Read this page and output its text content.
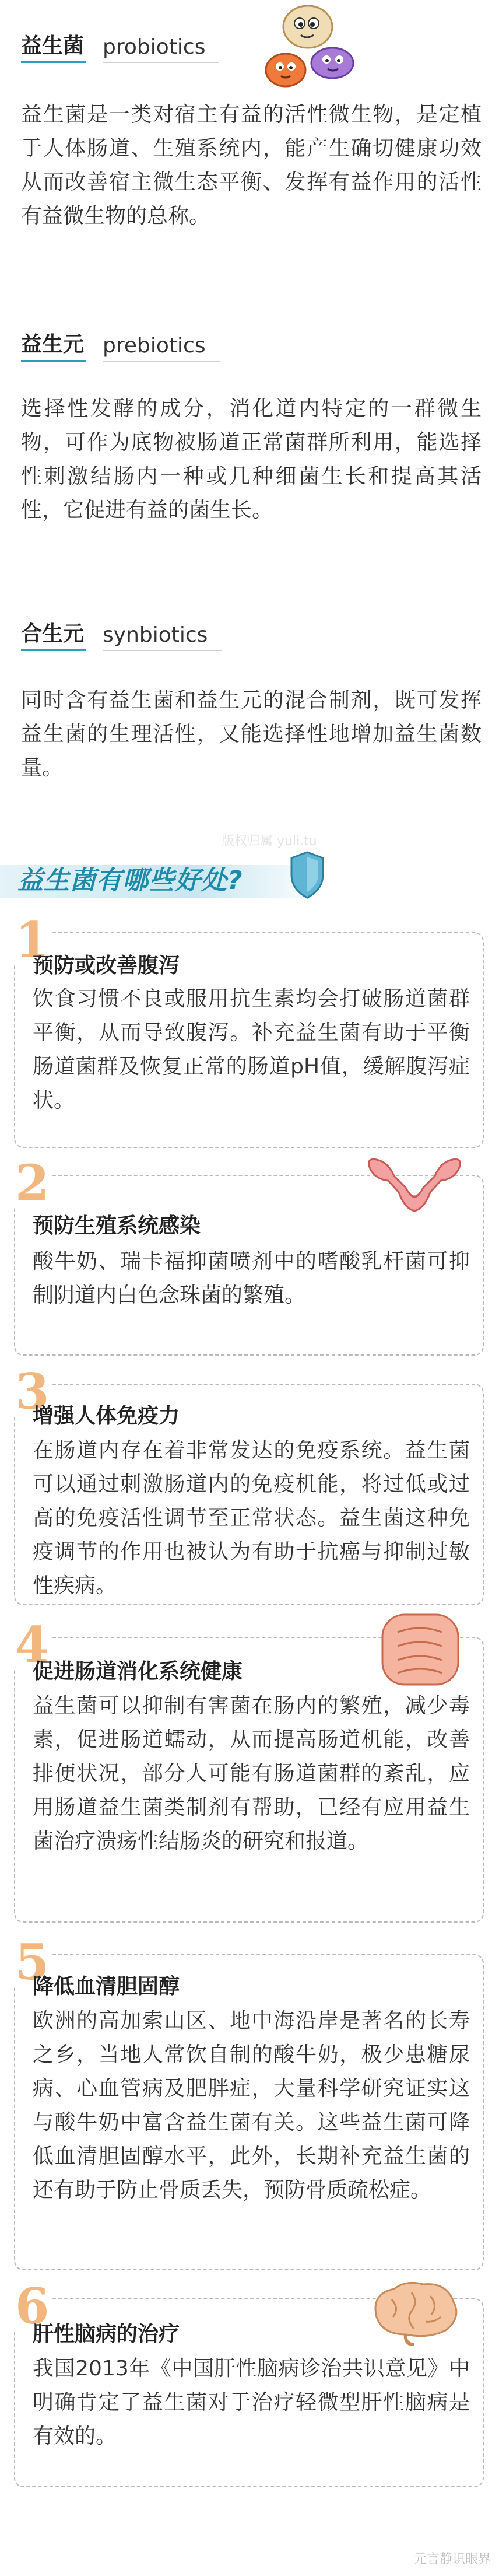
益生菌 probiotics

益生菌是一类对宿主有益的活性微生物，是定植于人体肠道、生殖系统内，能产生确切健康功效从而改善宿主微生态平衡、发挥有益作用的活性有益微生物的总称。

益生元 prebiotics

选择性发酵的成分，消化道内特定的一群微生物，可作为底物被肠道正常菌群所利用，能选择性刺激结肠内一种或几种细菌生长和提高其活性，它促进有益的菌生长。

合生元 synbiotics

同时含有益生菌和益生元的混合制剂，既可发挥益生菌的生理活性，又能选择性地增加益生菌数量。

版权归属 yuli.tu
益生菌有哪些好处?
1
预防或改善腹泻
饮食习惯不良或服用抗生素均会打破肠道菌群平衡，从而导致腹泻。补充益生菌有助于平衡肠道菌群及恢复正常的肠道pH值，缓解腹泻症状。
2
预防生殖系统感染
酸牛奶、瑞卡福抑菌喷剂中的嗜酸乳杆菌可抑制阴道内白色念珠菌的繁殖。
3
增强人体免疫力
在肠道内存在着非常发达的免疫系统。益生菌可以通过刺激肠道内的免疫机能，将过低或过高的免疫活性调节至正常状态。益生菌这种免疫调节的作用也被认为有助于抗癌与抑制过敏性疾病。
4
促进肠道消化系统健康
益生菌可以抑制有害菌在肠内的繁殖，减少毒素，促进肠道蠕动，从而提高肠道机能，改善排便状况，部分人可能有肠道菌群的紊乱，应用肠道益生菌类制剂有帮助，已经有应用益生菌治疗溃疡性结肠炎的研究和报道。
5
降低血清胆固醇
欧洲的高加索山区、地中海沿岸是著名的长寿之乡，当地人常饮自制的酸牛奶，极少患糖尿病、心血管病及肥胖症，大量科学研究证实这与酸牛奶中富含益生菌有关。这些益生菌可降低血清胆固醇水平，此外，长期补充益生菌的还有助于防止骨质丢失，预防骨质疏松症。
6
肝性脑病的治疗
我国2013年《中国肝性脑病诊治共识意见》中明确肯定了益生菌对于治疗轻微型肝性脑病是有效的。
元言静识眼界
